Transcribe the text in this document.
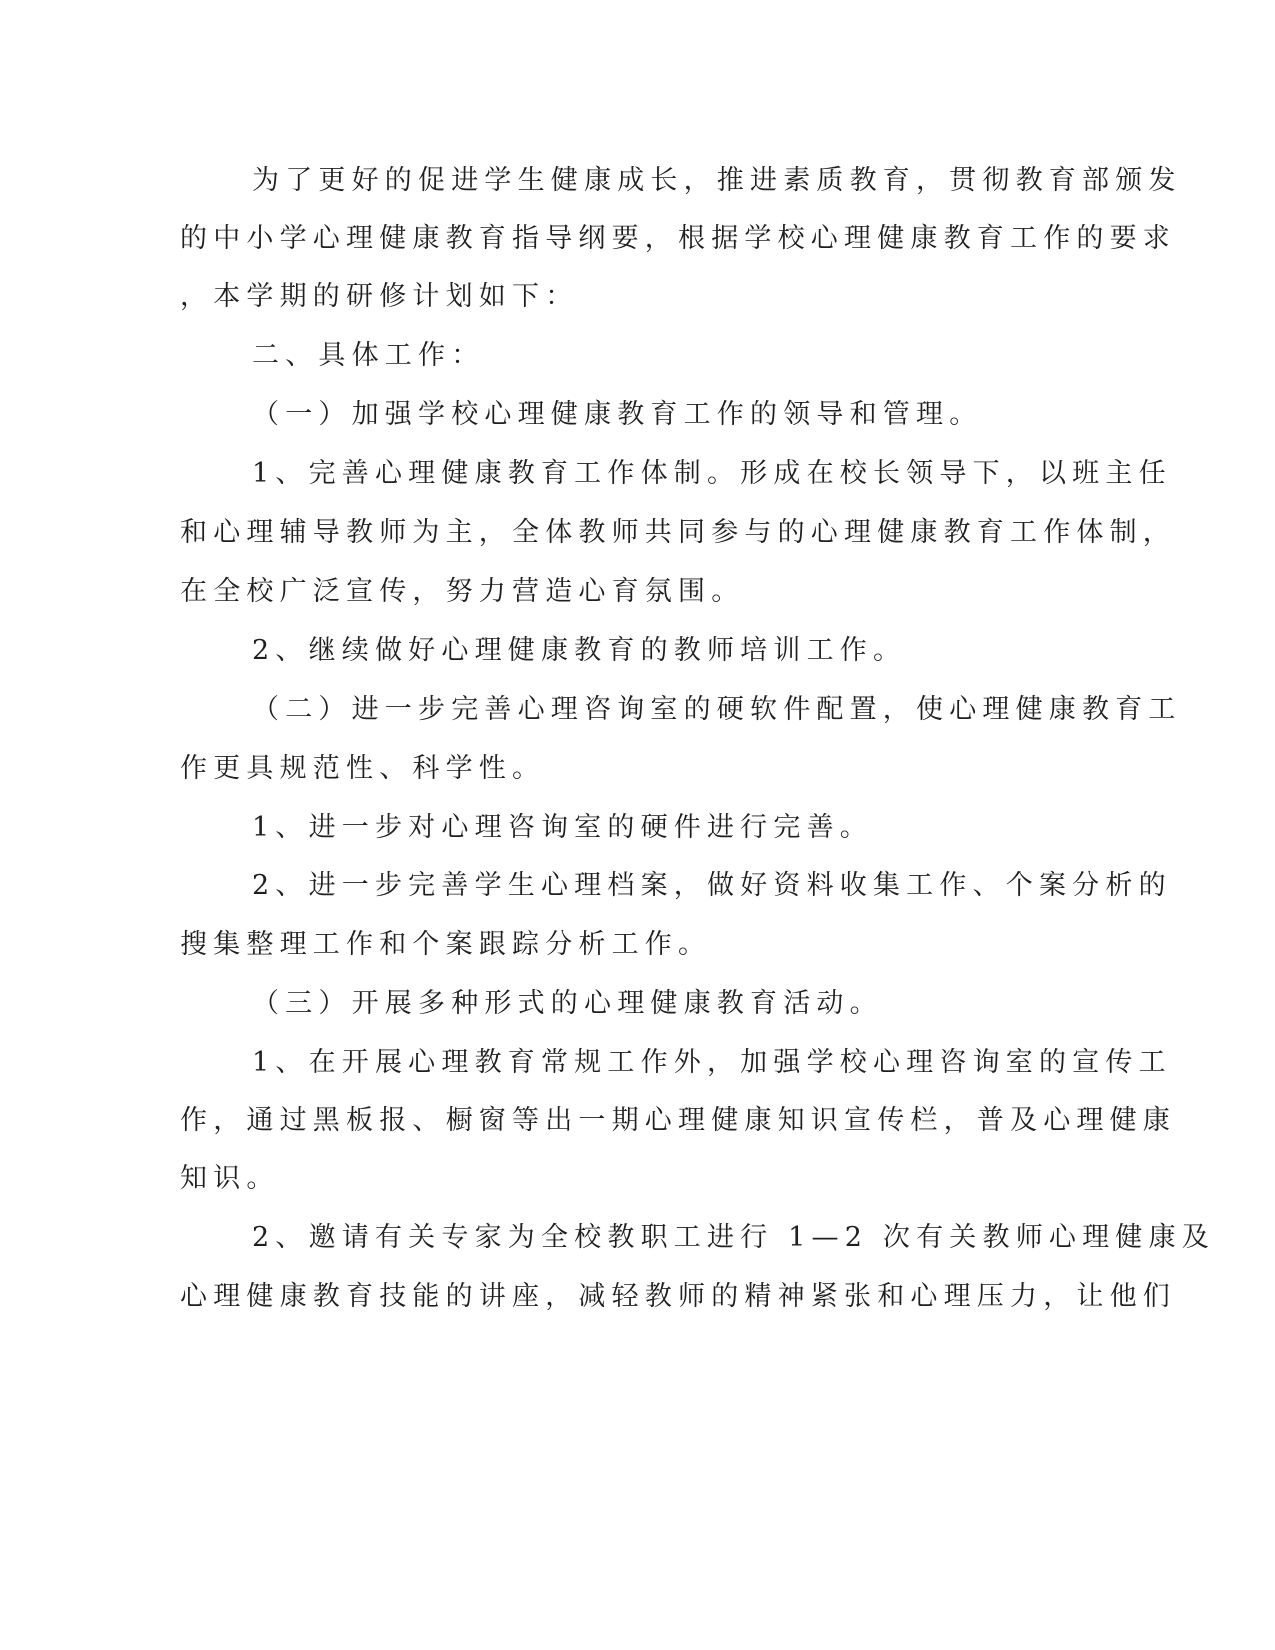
为了更好的促进学生健康成长，推进素质教育，贯彻教育部颁发

的中小学心理健康教育指导纲要，根据学校心理健康教育工作的要求

，本学期的研修计划如下：

二、具体工作：

（一）加强学校心理健康教育工作的领导和管理。

1、完善心理健康教育工作体制。形成在校长领导下，以班主任

和心理辅导教师为主，全体教师共同参与的心理健康教育工作体制，

在全校广泛宣传，努力营造心育氛围。

2、继续做好心理健康教育的教师培训工作。

（二）进一步完善心理咨询室的硬软件配置，使心理健康教育工

作更具规范性、科学性。

1、进一步对心理咨询室的硬件进行完善。

2、进一步完善学生心理档案，做好资料收集工作、个案分析的

搜集整理工作和个案跟踪分析工作。

（三）开展多种形式的心理健康教育活动。

1、在开展心理教育常规工作外，加强学校心理咨询室的宣传工

作，通过黑板报、橱窗等出一期心理健康知识宣传栏，普及心理健康

知识。

2、邀请有关专家为全校教职工进行 1—2 次有关教师心理健康及

心理健康教育技能的讲座，减轻教师的精神紧张和心理压力，让他们
